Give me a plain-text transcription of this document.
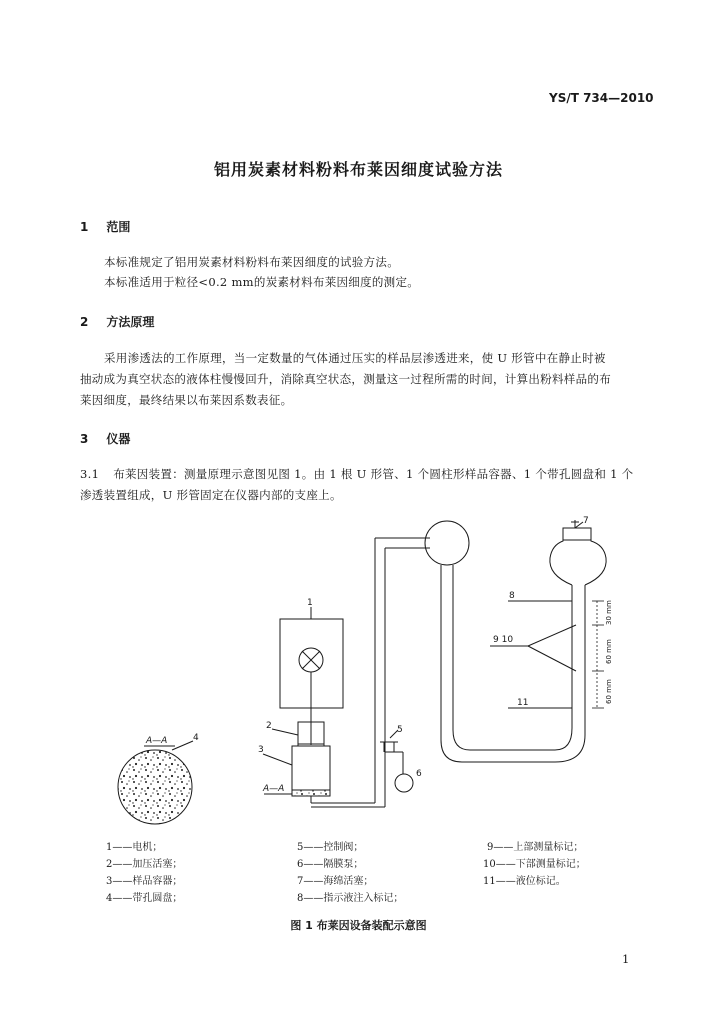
YS/T 734—2010
铝用炭素材料粉料布莱因细度试验方法
1 范围
本标准规定了铝用炭素材料粉料布莱因细度的试验方法。
本标准适用于粒径<0.2 mm的炭素材料布莱因细度的测定。
2 方法原理
采用渗透法的工作原理，当一定数量的气体通过压实的样品层渗透进来，使 U 形管中在静止时被
抽动成为真空状态的液体柱慢慢回升，消除真空状态，测量这一过程所需的时间，计算出粉料样品的布
莱因细度，最终结果以布莱因系数表征。
3 仪器
3.1 布莱因装置：测量原理示意图见图 1。由 1 根 U 形管、1 个圆柱形样品容器、1 个带孔圆盘和 1 个
渗透装置组成，U 形管固定在仪器内部的支座上。
1
2
3
4
5
6
7
8
9 10
11
A—A
A—A
30 mm
60 mm
60 mm
1——电机；
2——加压活塞；
3——样品容器；
4——带孔圆盘；
5——控制阀；
6——隔膜泵；
7——海绵活塞；
8——指示液注入标记；
9——上部测量标记；
10——下部测量标记；
11——液位标记。
图 1 布莱因设备装配示意图
1
